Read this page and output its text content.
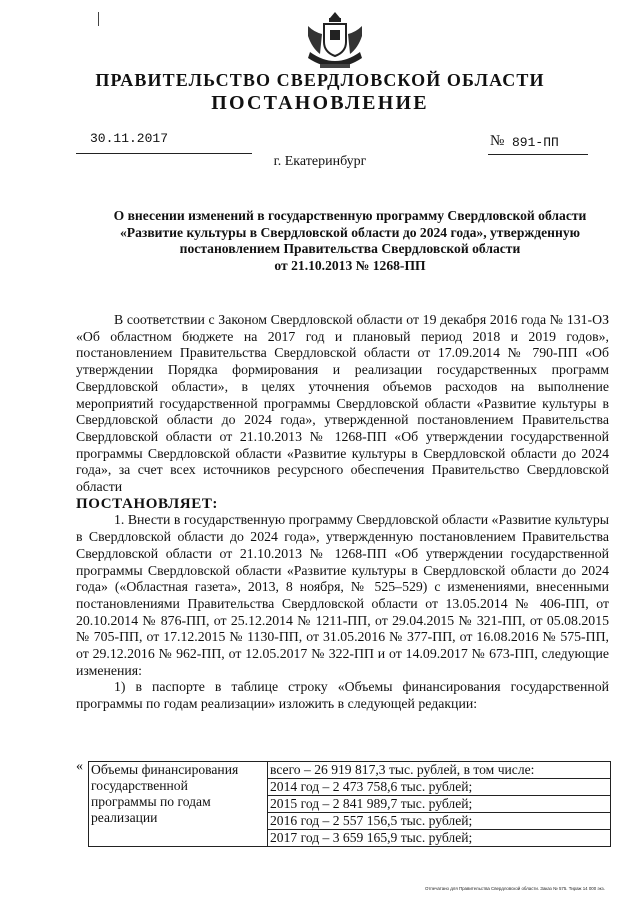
ПРАВИТЕЛЬСТВО СВЕРДЛОВСКОЙ ОБЛАСТИ
ПОСТАНОВЛЕНИЕ
30.11.2017	№ 891-ПП
г. Екатеринбург
О внесении изменений в государственную программу Свердловской области
«Развитие культуры в Свердловской области до 2024 года», утвержденную
постановлением Правительства Свердловской области
от 21.10.2013 № 1268-ПП

В соответствии с Законом Свердловской области от 19 декабря 2016 года № 131-ОЗ «Об областном бюджете на 2017 год и плановый период 2018 и 2019 годов», постановлением Правительства Свердловской области от 17.09.2014 № 790-ПП «Об утверждении Порядка формирования и реализации государственных программ Свердловской области», в целях уточнения объемов расходов на выполнение мероприятий государственной программы Свердловской области «Развитие культуры в Свердловской области до 2024 года», утвержденной постановлением Правительства Свердловской области от 21.10.2013 № 1268-ПП «Об утверждении государственной программы Свердловской области «Развитие культуры в Свердловской области до 2024 года», за счет всех источников ресурсного обеспечения Правительство Свердловской области

ПОСТАНОВЛЯЕТ:

1. Внести в государственную программу Свердловской области «Развитие культуры в Свердловской области до 2024 года», утвержденную постановлением Правительства Свердловской области от 21.10.2013 № 1268-ПП «Об утверждении государственной программы Свердловской области «Развитие культуры в Свердловской области до 2024 года» («Областная газета», 2013, 8 ноября, № 525–529) с изменениями, внесенными постановлениями Правительства Свердловской области от 13.05.2014 № 406-ПП, от 20.10.2014 № 876-ПП, от 25.12.2014 № 1211-ПП, от 29.04.2015 № 321-ПП, от 05.08.2015 № 705-ПП, от 17.12.2015 № 1130-ПП, от 31.05.2016 № 377-ПП, от 16.08.2016 № 575-ПП, от 29.12.2016 № 962-ПП, от 12.05.2017 № 322-ПП и от 14.09.2017 № 673-ПП, следующие изменения:

1) в паспорте в таблице строку «Объемы финансирования государственной программы по годам реализации» изложить в следующей редакции:

« Объемы финансирования
государственной
программы по годам
реализации
	всего – 26 919 817,3 тыс. рублей, в том числе:
2014 год – 2 473 758,6 тыс. рублей;
2015 год – 2 841 989,7 тыс. рублей;
2016 год – 2 557 156,5 тыс. рублей;
2017 год – 3 659 165,9 тыс. рублей;
Отпечатано для Правительства Свердловской области. Заказ № 575. Тираж 14 000 экз.
